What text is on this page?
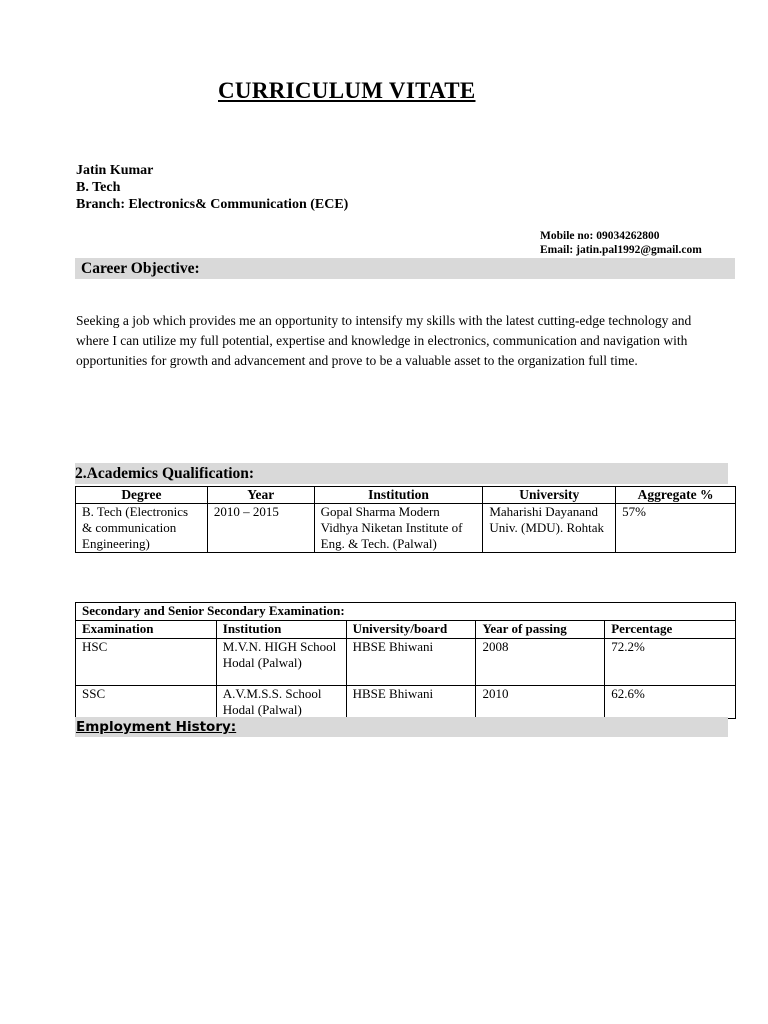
CURRICULUM VITATE
Jatin Kumar
B. Tech
Branch: Electronics& Communication (ECE)
Mobile no: 09034262800
Email: jatin.pal1992@gmail.com
Career Objective:
Seeking a job which provides me an opportunity to intensify my skills with the latest cutting-edge technology and where I can utilize my full potential, expertise and knowledge in electronics, communication and navigation with opportunities for growth and advancement and prove to be a valuable asset to the organization full time.
2.Academics Qualification:
Degree	Year	Institution	University	Aggregate %
B. Tech (Electronics & communication Engineering)	2010 – 2015	Gopal Sharma Modern Vidhya Niketan Institute of Eng. & Tech. (Palwal)	Maharishi Dayanand Univ. (MDU). Rohtak	57%
Secondary and Senior Secondary Examination:				
Examination	Institution	University/board	Year of passing	Percentage
HSC	M.V.N. HIGH School Hodal (Palwal)	HBSE Bhiwani	2008	72.2%
SSC	A.V.M.S.S. School Hodal (Palwal)	HBSE Bhiwani	2010	62.6%
Employment History:
